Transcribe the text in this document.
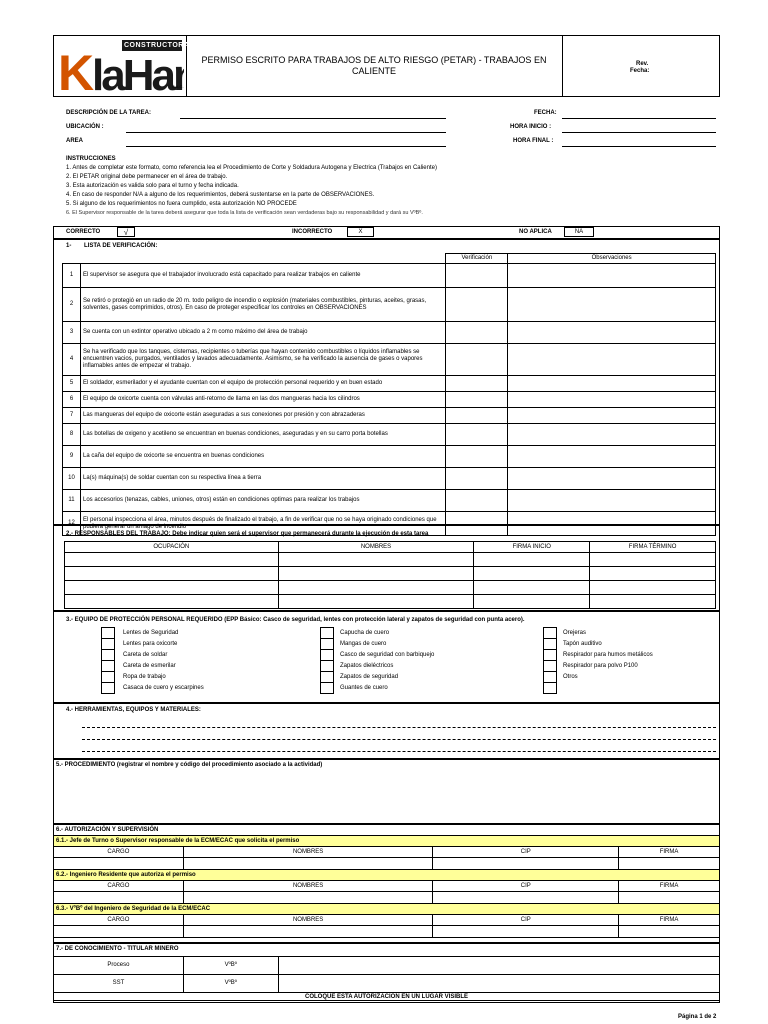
K laHa
CONSTRUCTORA
S.A.C.
PERMISO ESCRITO PARA TRABAJOS DE ALTO RIESGO (PETAR) - TRABAJOS EN CALIENTE
Rev.
Fecha:
DESCRIPCIÓN DE LA TAREA:
UBICACIÓN :
AREA
FECHA:
HORA INICIO :
HORA FINAL :
INSTRUCCIONES
1. Antes de completar este formato, como referencia lea el Procedimiento de Corte y Soldadura Autogena y Electrica (Trabajos en Caliente)
2. El PETAR original debe permanecer en el área de trabajo.
3. Esta autorización es valida solo para el turno y fecha indicada.
4. En caso de responder N/A a alguno de los requerimientos, deberá sustentarse en la parte de OBSERVACIONES.
5. Si alguno de los requerimientos no fuera cumplido, esta autorización NO PROCEDE
6. El Supervisor responsable de la tarea deberá asegurar que toda la lista de verificación sean verdaderas bajo su responsabilidad y dará su VºBº.
CORRECTO	√	INCORRECTO	X	NO APLICA	NA
1- LISTA DE VERIFICACIÓN:
		Verificación	Observaciones
1	El supervisor se asegura que el trabajador involucrado está capacitado para realizar trabajos en caliente		
2	Se retiró o protegió en un radio de 20 m. todo peligro de incendio o explosión (materiales combustibles, pinturas, aceites, grasas, solventes, gases comprimidos, otros). En caso de proteger especificar los controles en OBSERVACIONES		
3	Se cuenta con un extintor operativo ubicado a 2 m como máximo del área de trabajo		
4	Se ha verificado que los tanques, cisternas, recipientes o tuberías que hayan contenido combustibles o líquidos inflamables se encuentren vacios, purgados, ventilados y lavados adecuadamente. Asimismo, se ha verificado la ausencia de gases o vapores inflamables antes de empezar el trabajo.		
5	El soldador, esmerilador y el ayudante cuentan con el equipo de protección personal requerido y en buen estado		
6	El equipo de oxicorte cuenta con válvulas anti-retorno de llama en las dos mangueras hacia los cilindros		
7	Las mangueras del equipo de oxicorte están aseguradas a sus conexiones por presión y con abrazaderas		
8	Las botellas de oxigeno y acetileno se encuentran en buenas condiciones, aseguradas y en su carro porta botellas		
9	La caña del equipo de oxicorte se encuentra en buenas condiciones		
10	La(s) máquina(s) de soldar cuentan con su respectiva línea a tierra		
11	Los accesorios (tenazas, cables, uniones, otros) están en condiciones optimas para realizar los trabajos		
12	El personal inspecciona el área, minutos después de finalizado el trabajo, a fin de verificar que no se haya originado condiciones que pudiera generar un amago de incendio		
2.- RESPONSABLES DEL TRABAJO: Debe indicar quien será el supervisor que permanecerá durante la ejecución de esta tarea
OCUPACIÓN	NOMBRES	FIRMA INICIO	FIRMA TÉRMINO

3.- EQUIPO DE PROTECCIÓN PERSONAL REQUERIDO (EPP Básico: Casco de seguridad, lentes con protección lateral y zapatos de seguridad con punta acero).
Lentes de Seguridad
Lentes para oxicorte
Careta de soldar
Careta de esmerilar
Ropa de trabajo
Casaca de cuero y escarpines
Capucha de cuero
Mangas de cuero
Casco de seguridad con barbiquejo
Zapatos dieléctricos
Zapatos de seguridad
Guantes de cuero
Orejeras
Tapón auditivo
Respirador para humos metálicos
Respirador para polvo P100
Otros
4.- HERRAMIENTAS, EQUIPOS Y MATERIALES:
5.- PROCEDIMIENTO (registrar el nombre y código del procedimiento asociado a la actividad)
6.- AUTORIZACIÓN Y SUPERVISIÓN
6.1.- Jefe de Turno o Supervisor responsable de la ECM/ECAC que solicita el permiso			
CARGO	NOMBRES	CIP	FIRMA

6.2.- Ingeniero Residente que autoriza el permiso			
CARGO	NOMBRES	CIP	FIRMA

6.3.- VºBº del Ingeniero de Seguridad de la ECM/ECAC			
CARGO	NOMBRES	CIP	FIRMA

7.- DE CONOCIMIENTO - TITULAR MINERO
Proceso	VºBº	
SST	VºBº	
COLOQUE ESTA AUTORIZACION EN UN LUGAR VISIBLE		
Página 1 de 2
